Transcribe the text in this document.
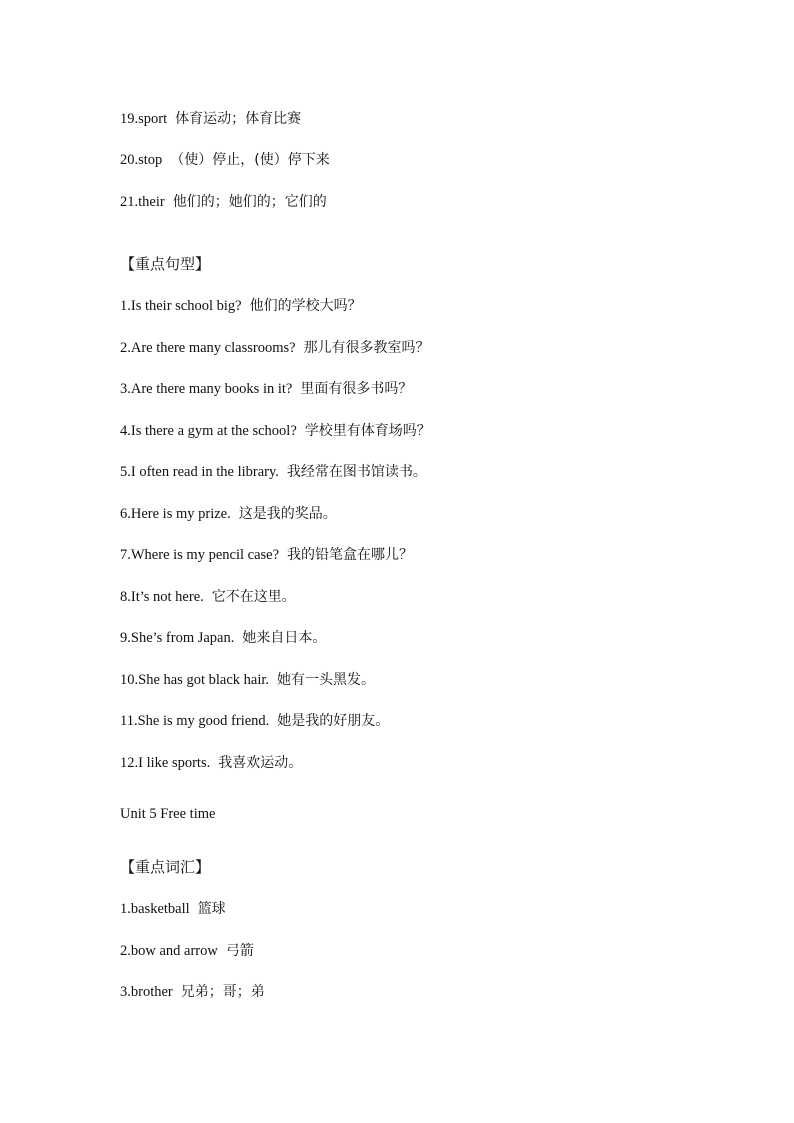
19.sport 体育运动；体育比赛
20.stop （使）停止，(使）停下来
21.their 他们的；她们的；它们的
【重点句型】
1.Is their school big? 他们的学校大吗？
2.Are there many classrooms? 那儿有很多教室吗？
3.Are there many books in it? 里面有很多书吗？
4.Is there a gym at the school? 学校里有体育场吗？
5.I often read in the library. 我经常在图书馆读书。
6.Here is my prize. 这是我的奖品。
7.Where is my pencil case? 我的铅笔盒在哪儿？
8.It’s not here. 它不在这里。
9.She’s from Japan. 她来自日本。
10.She has got black hair. 她有一头黑发。
11.She is my good friend. 她是我的好朋友。
12.I like sports. 我喜欢运动。
Unit 5 Free time
【重点词汇】
1.basketball 篮球
2.bow and arrow 弓箭
3.brother 兄弟；哥；弟
